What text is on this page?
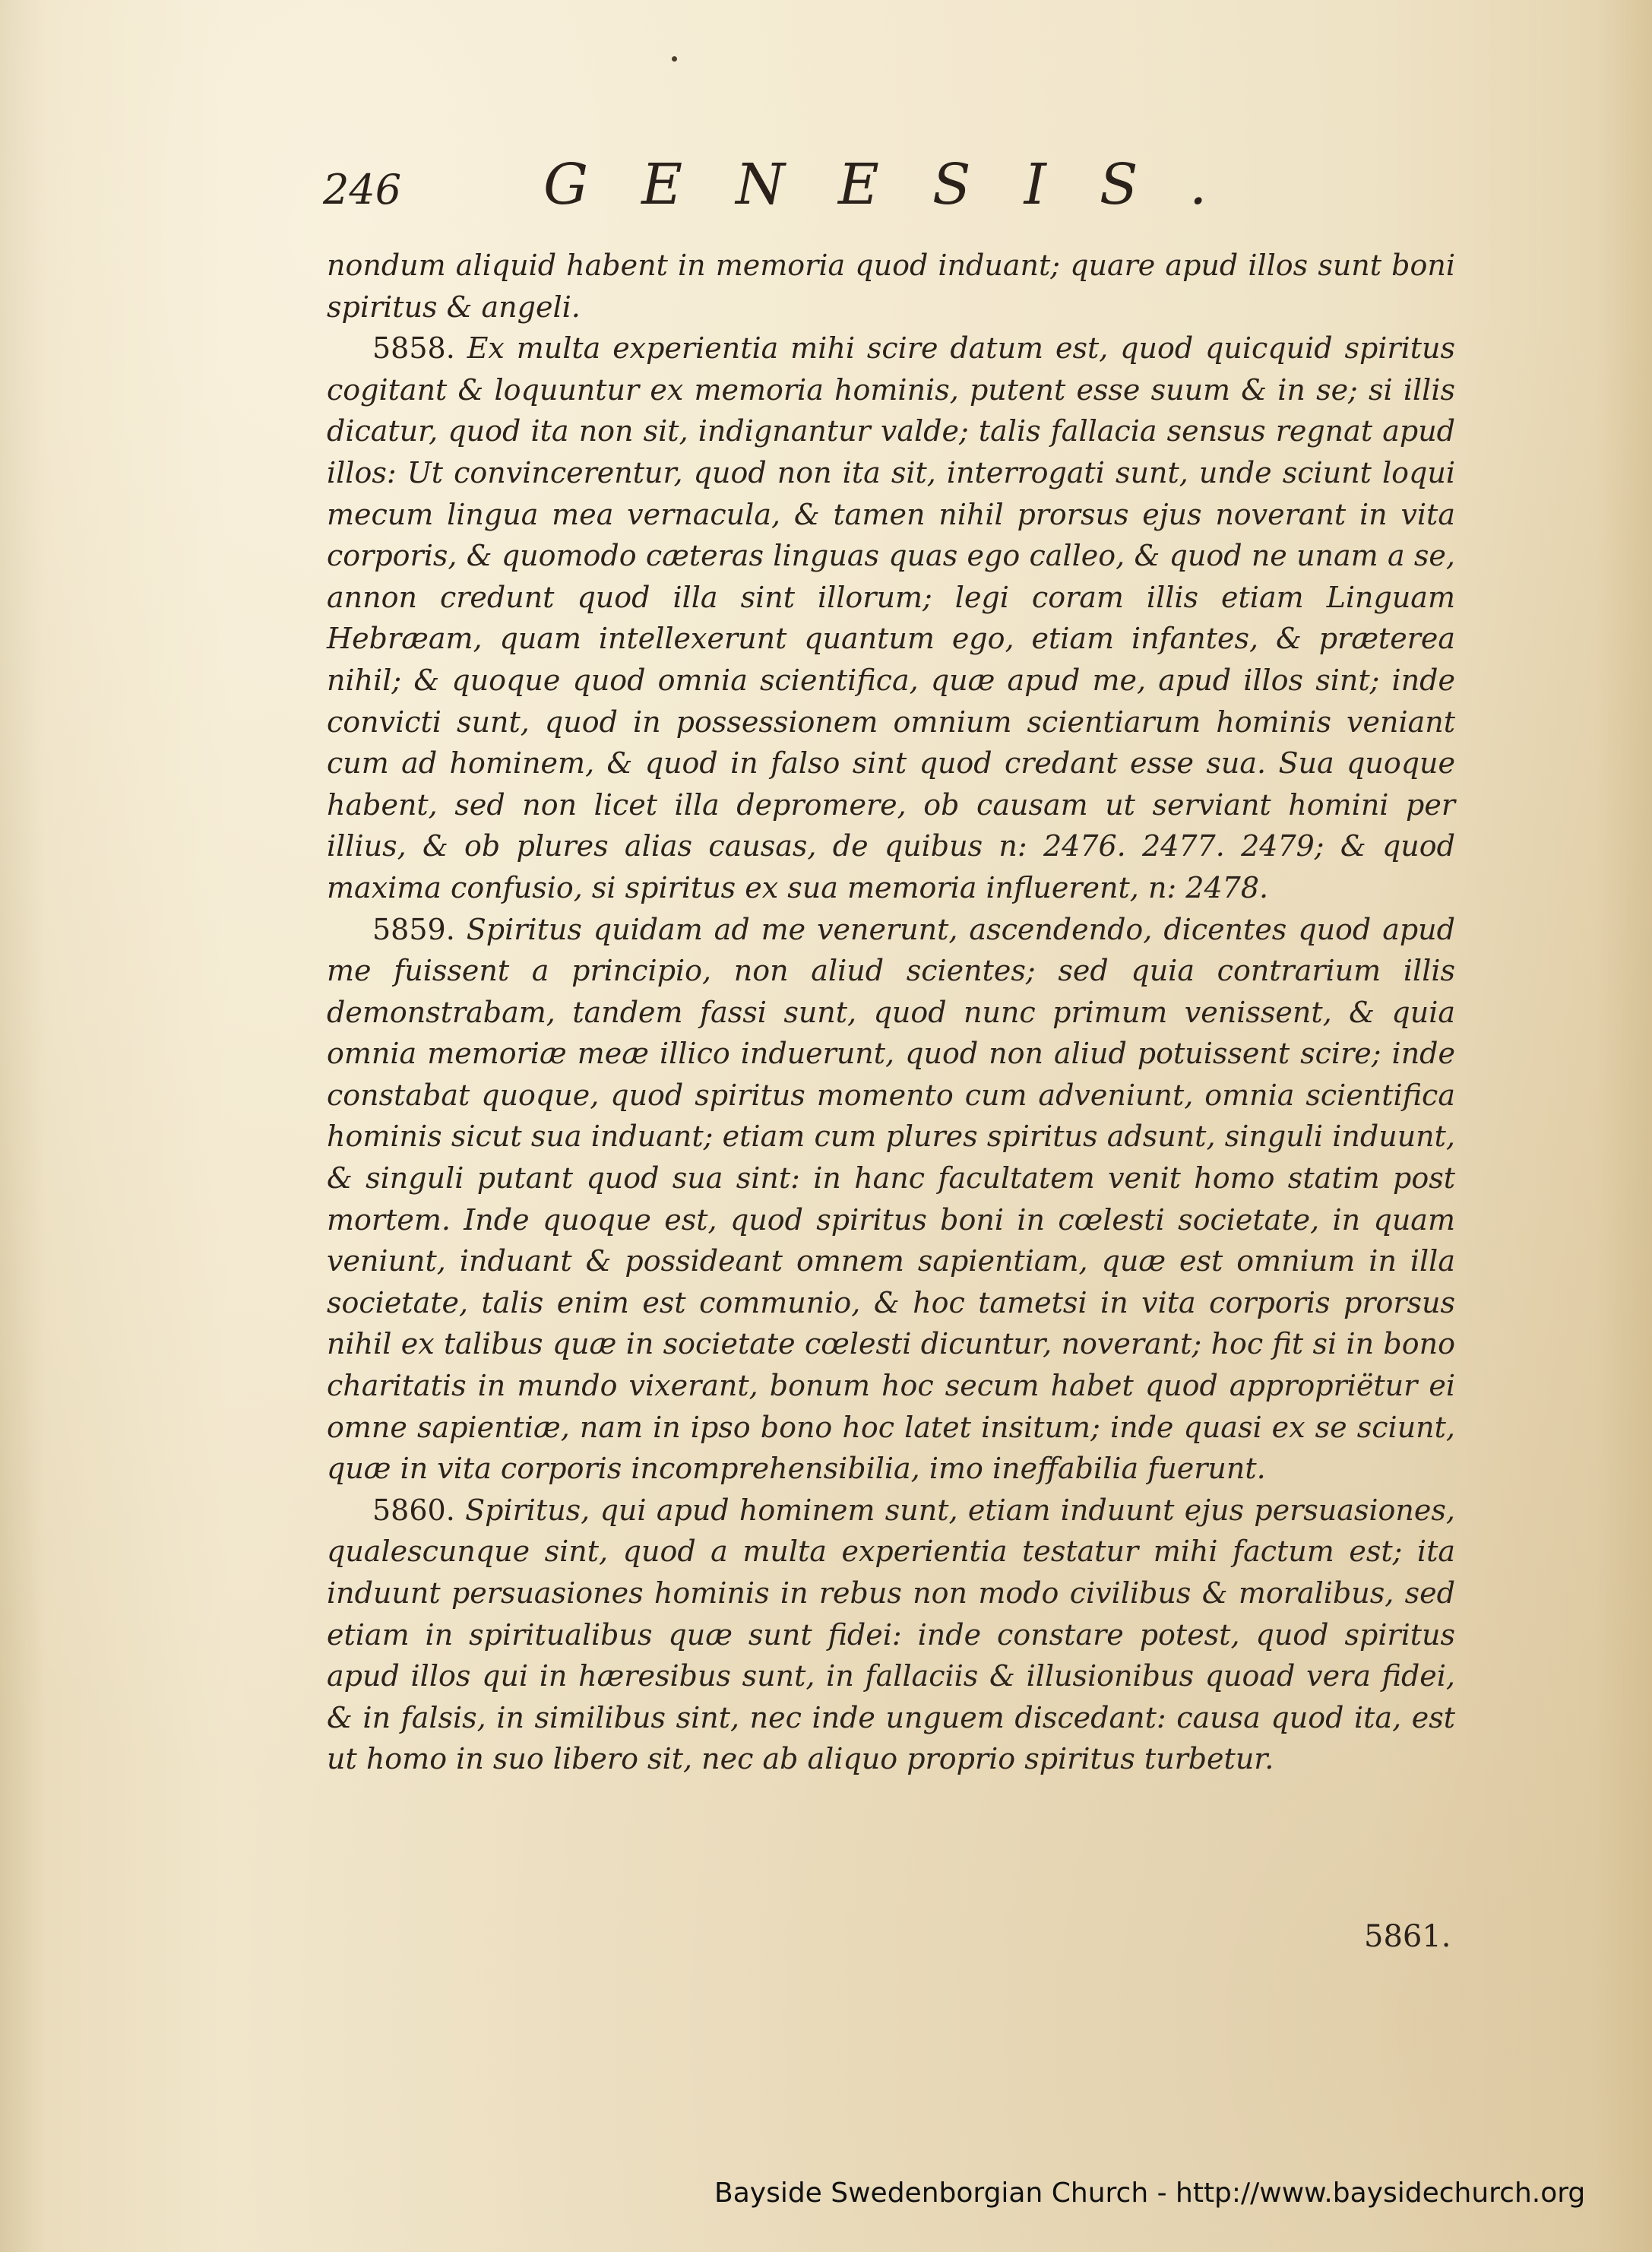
246	GENESIS.

nondum aliquid habent in memoria quod induant; quare apud illos sunt boni spiritus & angeli.

5858. Ex multa experientia mihi scire datum est, quod quicquid spiritus cogitant & loquuntur ex memoria hominis, putent esse suum & in se; si illis dicatur, quod ita non sit, indignantur valde; talis fallacia sensus regnat apud illos: Ut convincerentur, quod non ita sit, interrogati sunt, unde sciunt loqui mecum lingua mea vernacula, & tamen nihil prorsus ejus noverant in vita corporis, & quomodo cæteras linguas quas ego calleo, & quod ne unam a se, annon credunt quod illa sint illorum; legi coram illis etiam Linguam Hebræam, quam intellexerunt quantum ego, etiam infantes, & præterea nihil; & quoque quod omnia scientifica, quæ apud me, apud illos sint; inde convicti sunt, quod in possessionem omnium scientiarum hominis veniant cum ad hominem, & quod in falso sint quod credant esse sua. Sua quoque habent, sed non licet illa depromere, ob causam ut serviant homini per illius, & ob plures alias causas, de quibus n: 2476. 2477. 2479; & quod maxima confusio, si spiritus ex sua memoria influerent, n: 2478.

5859. Spiritus quidam ad me venerunt, ascendendo, dicentes quod apud me fuissent a principio, non aliud scientes; sed quia contrarium illis demonstrabam, tandem fassi sunt, quod nunc primum venissent, & quia omnia memoriæ meæ illico induerunt, quod non aliud potuissent scire; inde constabat quoque, quod spiritus momento cum adveniunt, omnia scientifica hominis sicut sua induant; etiam cum plures spiritus adsunt, singuli induunt, & singuli putant quod sua sint: in hanc facultatem venit homo statim post mortem. Inde quoque est, quod spiritus boni in cœlesti societate, in quam veniunt, induant & possideant omnem sapientiam, quæ est omnium in illa societate, talis enim est communio, & hoc tametsi in vita corporis prorsus nihil ex talibus quæ in societate cœlesti dicuntur, noverant; hoc fit si in bono charitatis in mundo vixerant, bonum hoc secum habet quod appropriëtur ei omne sapientiæ, nam in ipso bono hoc latet insitum; inde quasi ex se sciunt, quæ in vita corporis incomprehensibilia, imo ineffabilia fuerunt.

5860. Spiritus, qui apud hominem sunt, etiam induunt ejus persuasiones, qualescunque sint, quod a multa experientia testatur mihi factum est; ita induunt persuasiones hominis in rebus non modo civilibus & moralibus, sed etiam in spiritualibus quæ sunt fidei: inde constare potest, quod spiritus apud illos qui in hæresibus sunt, in fallaciis & illusionibus quoad vera fidei, & in falsis, in similibus sint, nec inde unguem discedant: causa quod ita, est ut homo in suo libero sit, nec ab aliquo proprio spiritus turbetur.

5861.
Bayside Swedenborgian Church - http://www.baysidechurch.org
